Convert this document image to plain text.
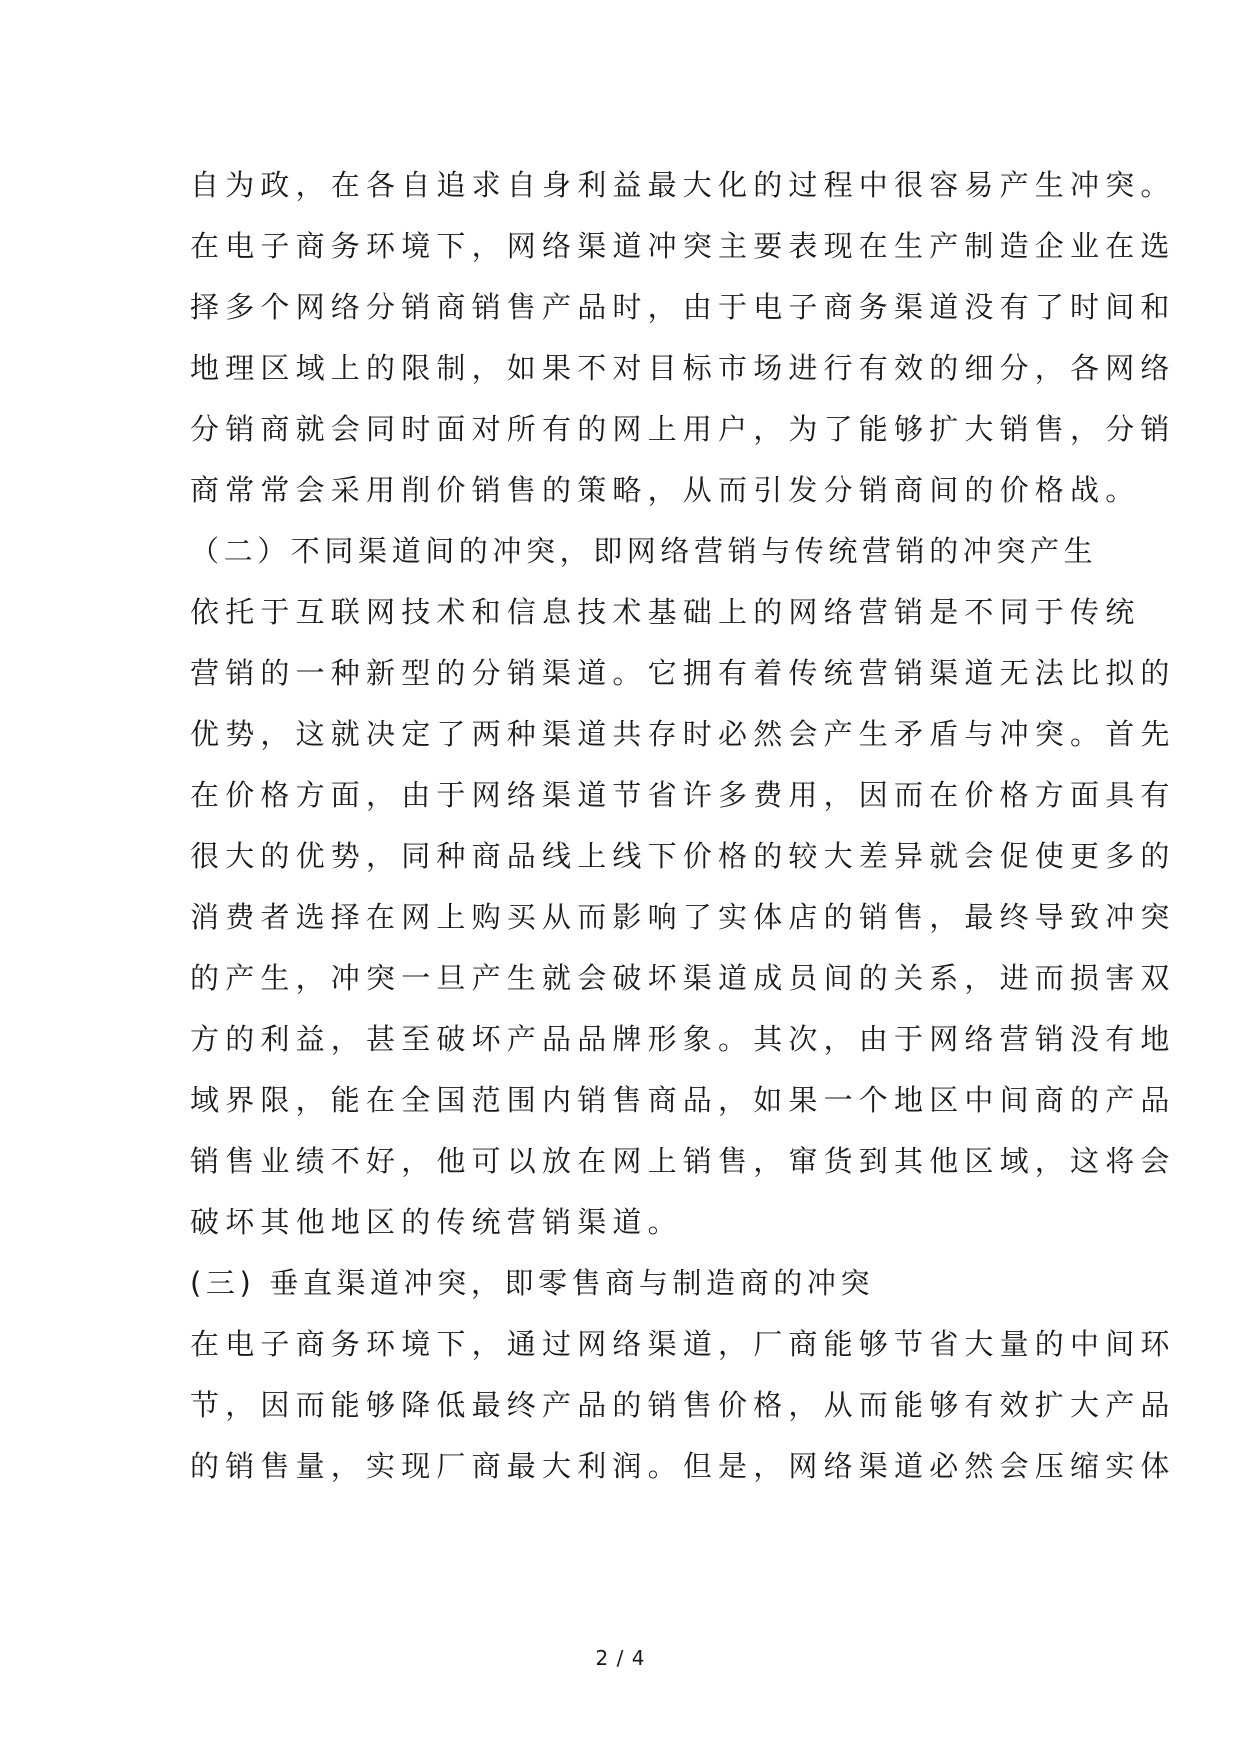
自为政，在各自追求自身利益最大化的过程中很容易产生冲突。
在电子商务环境下，网络渠道冲突主要表现在生产制造企业在选
择多个网络分销商销售产品时，由于电子商务渠道没有了时间和
地理区域上的限制，如果不对目标市场进行有效的细分，各网络
分销商就会同时面对所有的网上用户，为了能够扩大销售，分销
商常常会采用削价销售的策略，从而引发分销商间的价格战。
（二）不同渠道间的冲突，即网络营销与传统营销的冲突产生
依托于互联网技术和信息技术基础上的网络营销是不同于传统
营销的一种新型的分销渠道。它拥有着传统营销渠道无法比拟的
优势，这就决定了两种渠道共存时必然会产生矛盾与冲突。首先
在价格方面，由于网络渠道节省许多费用，因而在价格方面具有
很大的优势，同种商品线上线下价格的较大差异就会促使更多的
消费者选择在网上购买从而影响了实体店的销售，最终导致冲突
的产生，冲突一旦产生就会破坏渠道成员间的关系，进而损害双
方的利益，甚至破坏产品品牌形象。其次，由于网络营销没有地
域界限，能在全国范围内销售商品，如果一个地区中间商的产品
销售业绩不好，他可以放在网上销售，窜货到其他区域，这将会
破坏其他地区的传统营销渠道。
(三) 垂直渠道冲突，即零售商与制造商的冲突
在电子商务环境下，通过网络渠道，厂商能够节省大量的中间环
节，因而能够降低最终产品的销售价格，从而能够有效扩大产品
的销售量，实现厂商最大利润。但是，网络渠道必然会压缩实体
2 / 4
